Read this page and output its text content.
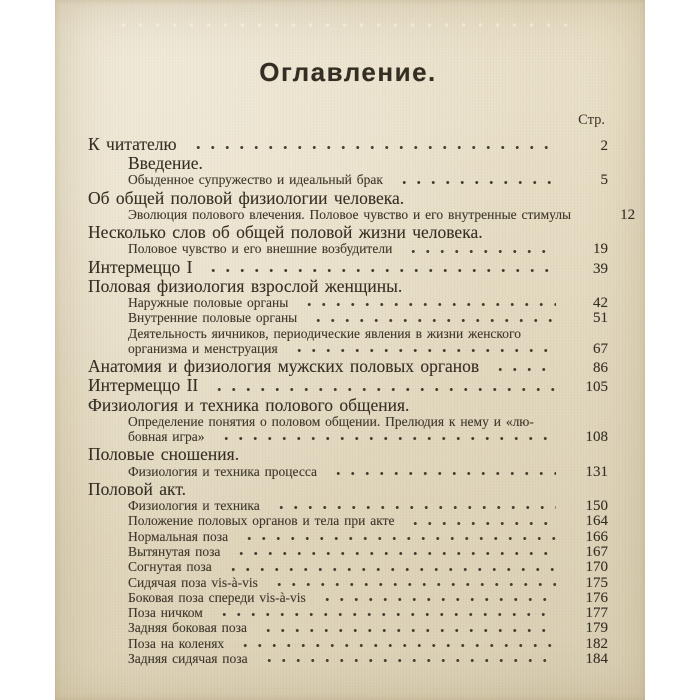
Оглавление.
Стр.
К читателю	2
Введение.
Обыденное супружество и идеальный брак	5
Об общей половой физиологии человека.
Эволюция полового влечения. Половое чувство и его внутренные стимулы	12
Несколько слов об общей половой жизни человека.
Половое чувство и его внешние возбудители	19
Интермеццо I	39
Половая физиология взрослой женщины.
Наружные половые органы	42
Внутренние половые органы	51
Деятельность яичников, периодические явления в жизни женского
организма и менструация	67
Анатомия и физиология мужских половых органов	86
Интермеццо II	105
Физиология и техника полового общения.
Определение понятия о половом общении. Прелюдия к нему и «лю-
бовная игра»	108
Половые сношения.
Физиология и техника процесса	131
Половой акт.
Физиология и техника	150
Положение половых органов и тела при акте	164
Нормальная поза	166
Вытянутая поза	167
Согнутая поза	170
Сидячая поза vis-à-vis	175
Боковая поза спереди vis-à-vis	176
Поза ничком	177
Задняя боковая поза	179
Поза на коленях	182
Задняя сидячая поза	184
